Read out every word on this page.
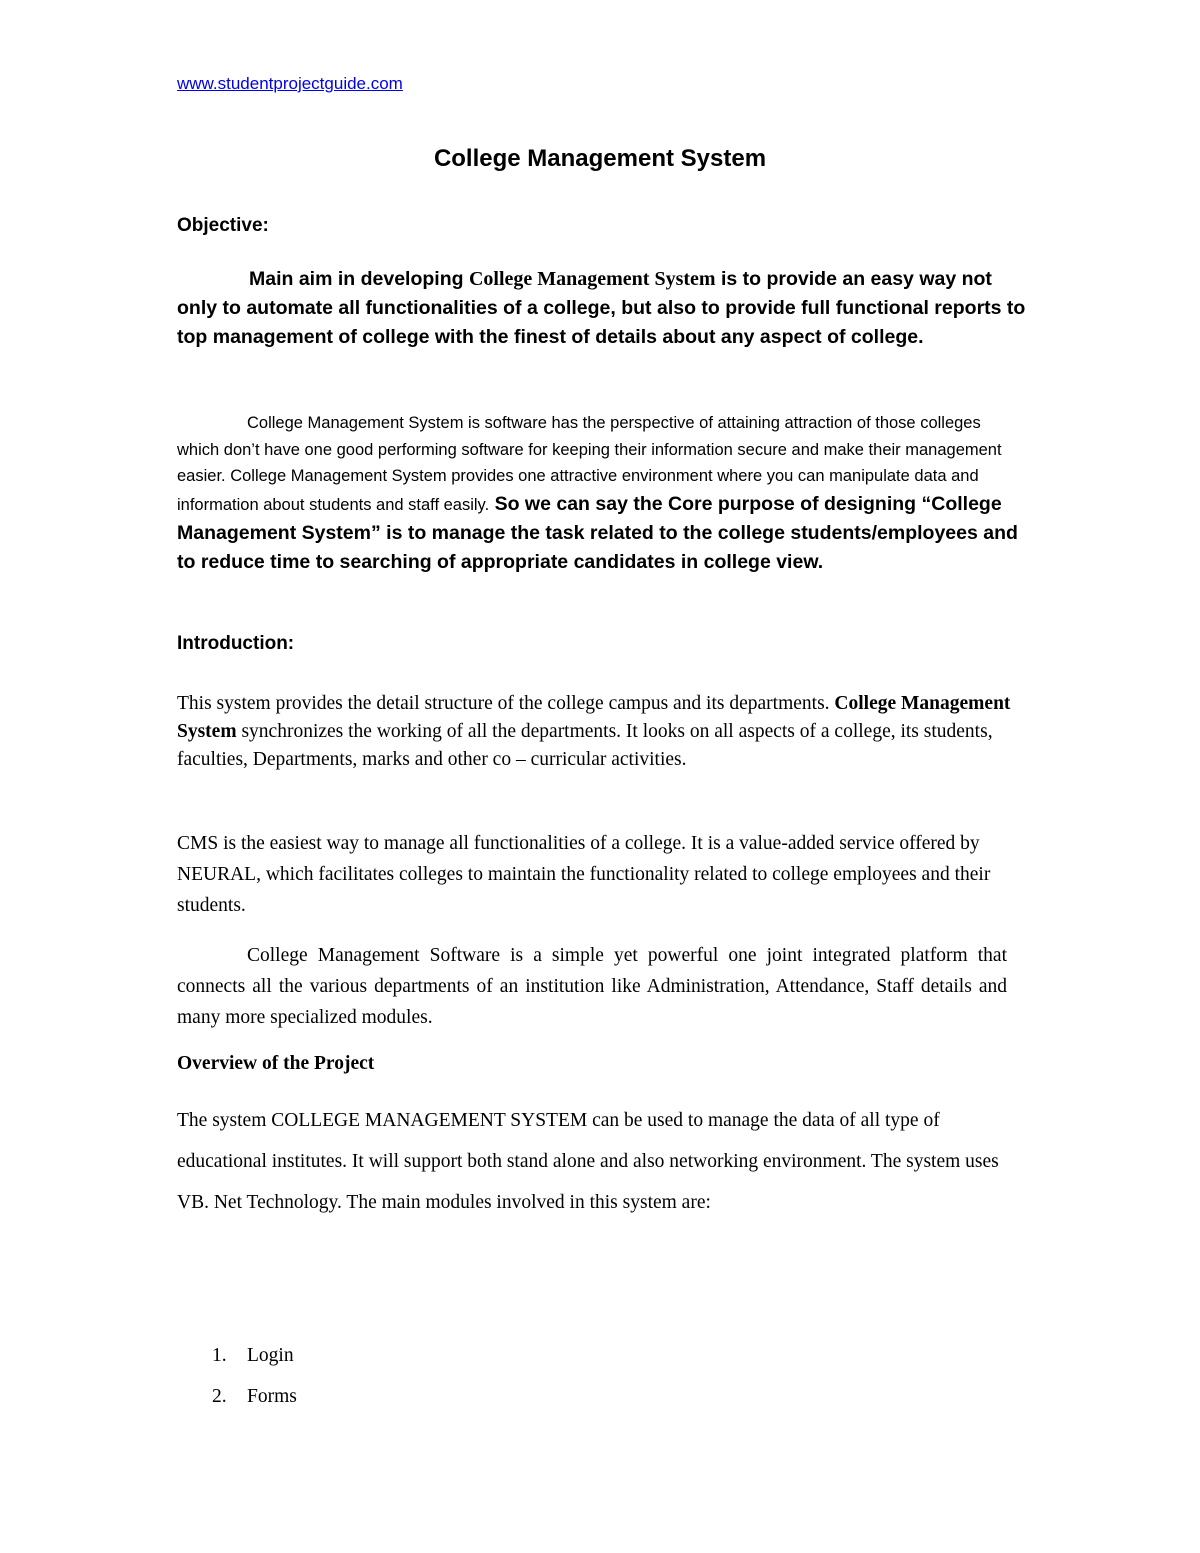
www.studentprojectguide.com
College Management System
Objective:

Main aim in developing College Management System is to provide an easy way not only to automate all functionalities of a college, but also to provide full functional reports to top management of college with the finest of details about any aspect of college.

College Management System is software has the perspective of attaining attraction of those colleges which don’t have one good performing software for keeping their information secure and make their management easier. College Management System provides one attractive environment where you can manipulate data and information about students and staff easily. So we can say the Core purpose of designing “College Management System” is to manage the task related to the college students/employees and to reduce time to searching of appropriate candidates in college view.

Introduction:

This system provides the detail structure of the college campus and its departments. College Management System synchronizes the working of all the departments. It looks on all aspects of a college, its students, faculties, Departments, marks and other co – curricular activities.

CMS is the easiest way to manage all functionalities of a college. It is a value-added service offered by NEURAL, which facilitates colleges to maintain the functionality related to college employees and their students.

College Management Software is a simple yet powerful one joint integrated platform that connects all the various departments of an institution like Administration, Attendance, Staff details and many more specialized modules.

Overview of the Project

The system COLLEGE MANAGEMENT SYSTEM can be used to manage the data of all type of educational institutes. It will support both stand alone and also networking environment. The system uses VB. Net Technology. The main modules involved in this system are:

1.	Login
2.	Forms
